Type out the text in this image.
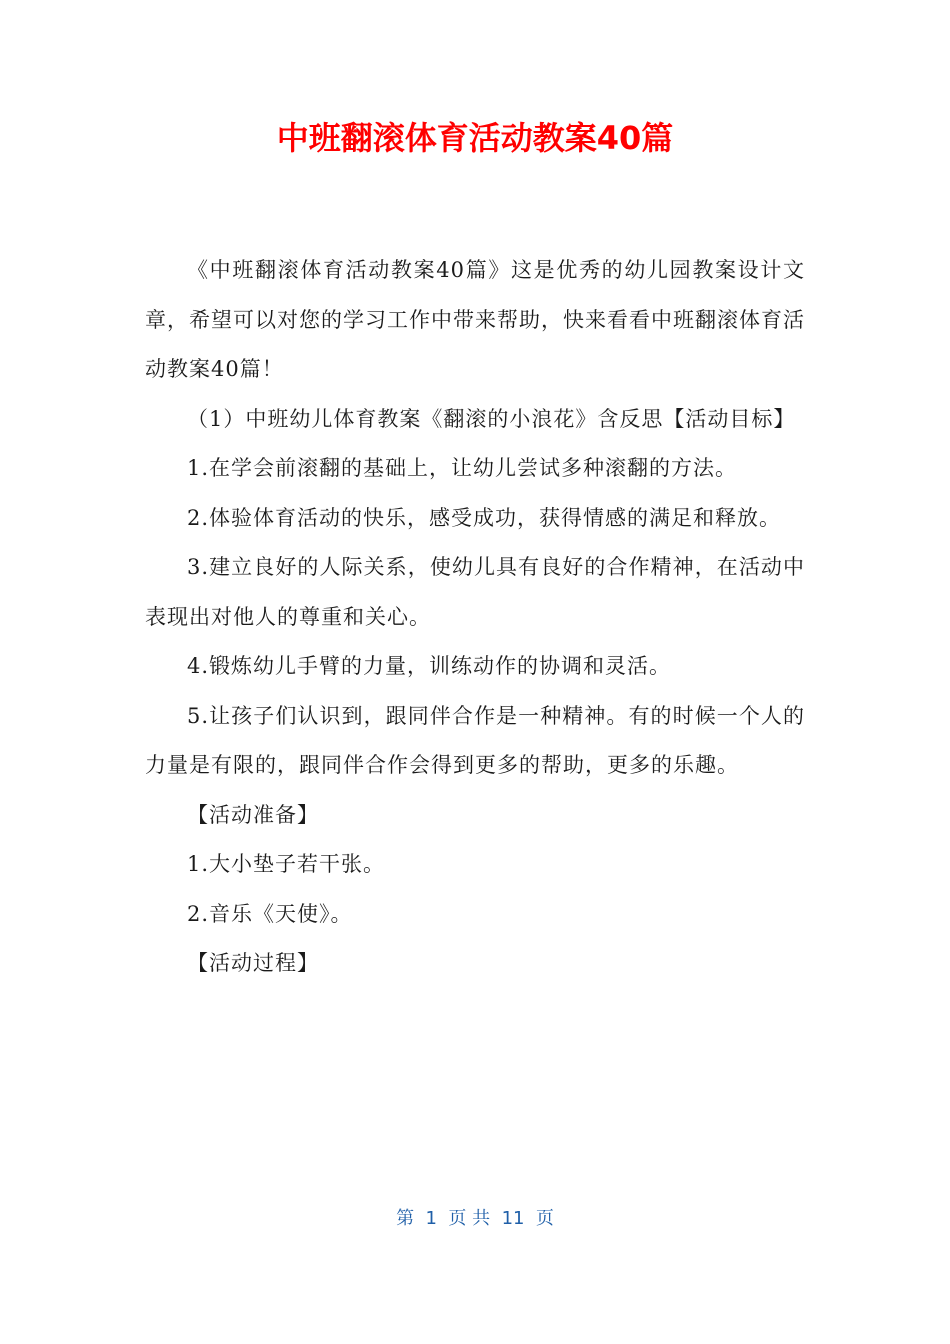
中班翻滚体育活动教案40篇

《中班翻滚体育活动教案40篇》这是优秀的幼儿园教案设计文章，希望可以对您的学习工作中带来帮助，快来看看中班翻滚体育活动教案40篇！

（1）中班幼儿体育教案《翻滚的小浪花》含反思【活动目标】

1.在学会前滚翻的基础上，让幼儿尝试多种滚翻的方法。

2.体验体育活动的快乐，感受成功，获得情感的满足和释放。

3.建立良好的人际关系，使幼儿具有良好的合作精神，在活动中表现出对他人的尊重和关心。

4.锻炼幼儿手臂的力量，训练动作的协调和灵活。

5.让孩子们认识到，跟同伴合作是一种精神。有的时候一个人的力量是有限的，跟同伴合作会得到更多的帮助，更多的乐趣。

【活动准备】

1.大小垫子若干张。

2.音乐《天使》。

【活动过程】

第  1  页 共  11  页
